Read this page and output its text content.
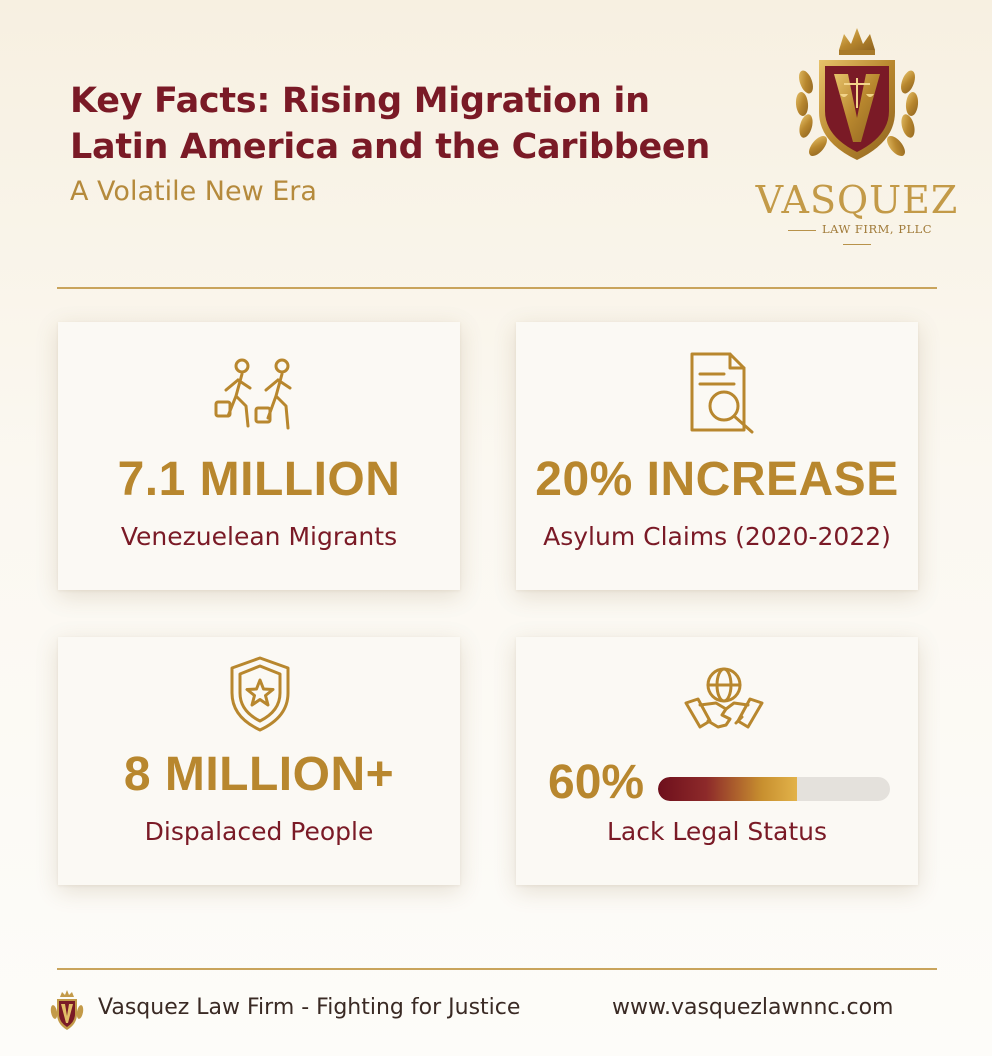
Key Facts: Rising Migration in Latin America and the Caribbeen
A Volatile New Era	VASQUEZ
LAW FIRM, PLLC
7.1 MILLION
Venezuelean Migrants
20% INCREASE
Asylum Claims (2020-2022)
8 MILLION+
Dispalaced People
60%
Lack Legal Status
Vasquez Law Firm - Fighting for Justice	www.vasquezlawnnc.com
